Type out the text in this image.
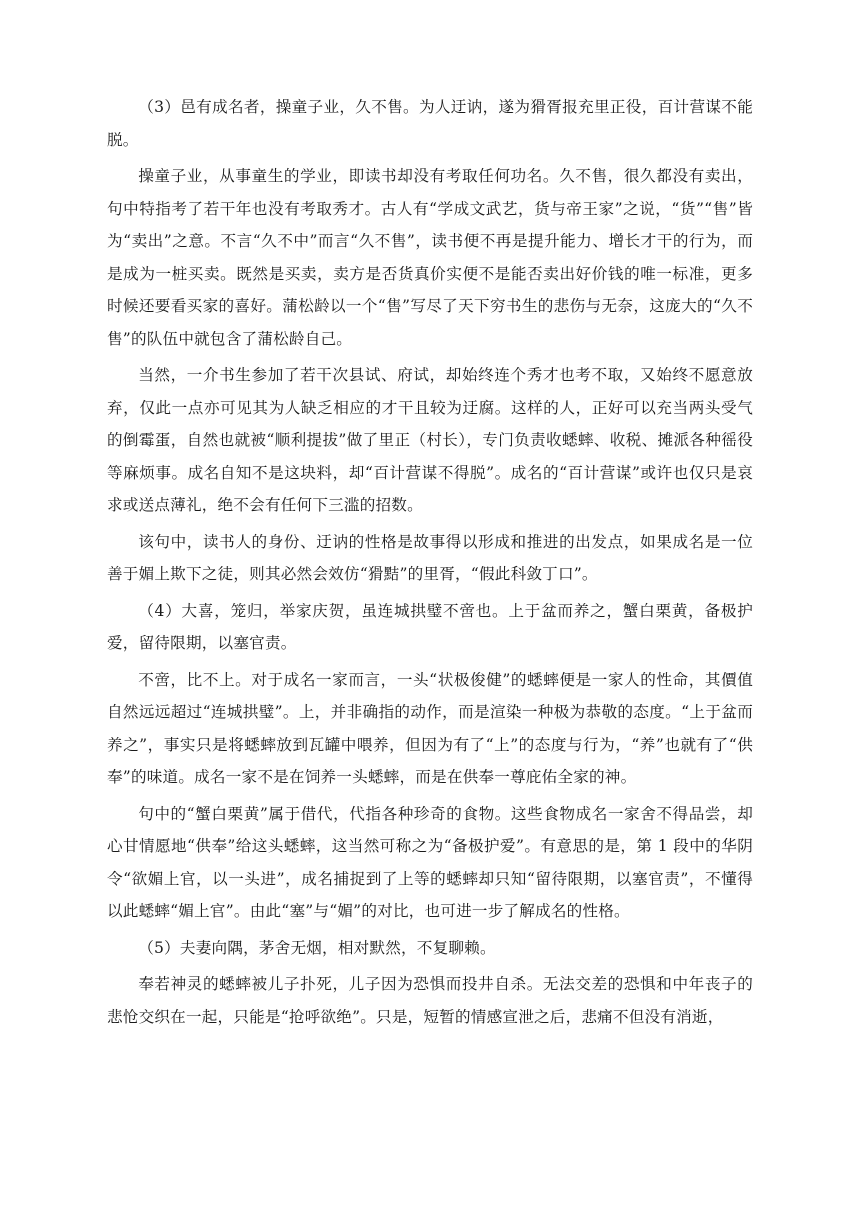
（3）邑有成名者，操童子业，久不售。为人迂讷，遂为猾胥报充里正役，百计营谋不能脱。

操童子业，从事童生的学业，即读书却没有考取任何功名。久不售，很久都没有卖出，句中特指考了若干年也没有考取秀才。古人有“学成文武艺，货与帝王家”之说，“货”“售”皆为“卖出”之意。不言“久不中”而言“久不售”，读书便不再是提升能力、增长才干的行为，而是成为一桩买卖。既然是买卖，卖方是否货真价实便不是能否卖出好价钱的唯一标准，更多时候还要看买家的喜好。蒲松龄以一个“售”写尽了天下穷书生的悲伤与无奈，这庞大的“久不售”的队伍中就包含了蒲松龄自己。

当然，一介书生参加了若干次县试、府试，却始终连个秀才也考不取，又始终不愿意放弃，仅此一点亦可见其为人缺乏相应的才干且较为迂腐。这样的人，正好可以充当两头受气的倒霉蛋，自然也就被“顺利提拔”做了里正（村长），专门负责收蟋蟀、收税、摊派各种徭役等麻烦事。成名自知不是这块料，却“百计营谋不得脱”。成名的“百计营谋”或许也仅只是哀求或送点薄礼，绝不会有任何下三滥的招数。

该句中，读书人的身份、迂讷的性格是故事得以形成和推进的出发点，如果成名是一位善于媚上欺下之徒，则其必然会效仿“猾黠”的里胥，“假此科敛丁口”。

（4）大喜，笼归，举家庆贺，虽连城拱璧不啻也。上于盆而养之，蟹白栗黄，备极护爱，留待限期，以塞官责。

不啻，比不上。对于成名一家而言，一头“状极俊健”的蟋蟀便是一家人的性命，其價值自然远远超过“连城拱璧”。上，并非确指的动作，而是渲染一种极为恭敬的态度。“上于盆而养之”，事实只是将蟋蟀放到瓦罐中喂养，但因为有了“上”的态度与行为，“养”也就有了“供奉”的味道。成名一家不是在饲养一头蟋蟀，而是在供奉一尊庇佑全家的神。

句中的“蟹白栗黄”属于借代，代指各种珍奇的食物。这些食物成名一家舍不得品尝，却心甘情愿地“供奉”给这头蟋蟀，这当然可称之为“备极护爱”。有意思的是，第 1 段中的华阴令“欲媚上官，以一头进”，成名捕捉到了上等的蟋蟀却只知“留待限期，以塞官责”，不懂得以此蟋蟀“媚上官”。由此“塞”与“媚”的对比，也可进一步了解成名的性格。

（5）夫妻向隅，茅舍无烟，相对默然，不复聊赖。

奉若神灵的蟋蟀被儿子扑死，儿子因为恐惧而投井自杀。无法交差的恐惧和中年丧子的悲怆交织在一起，只能是“抢呼欲绝”。只是，短暂的情感宣泄之后，悲痛不但没有消逝，
